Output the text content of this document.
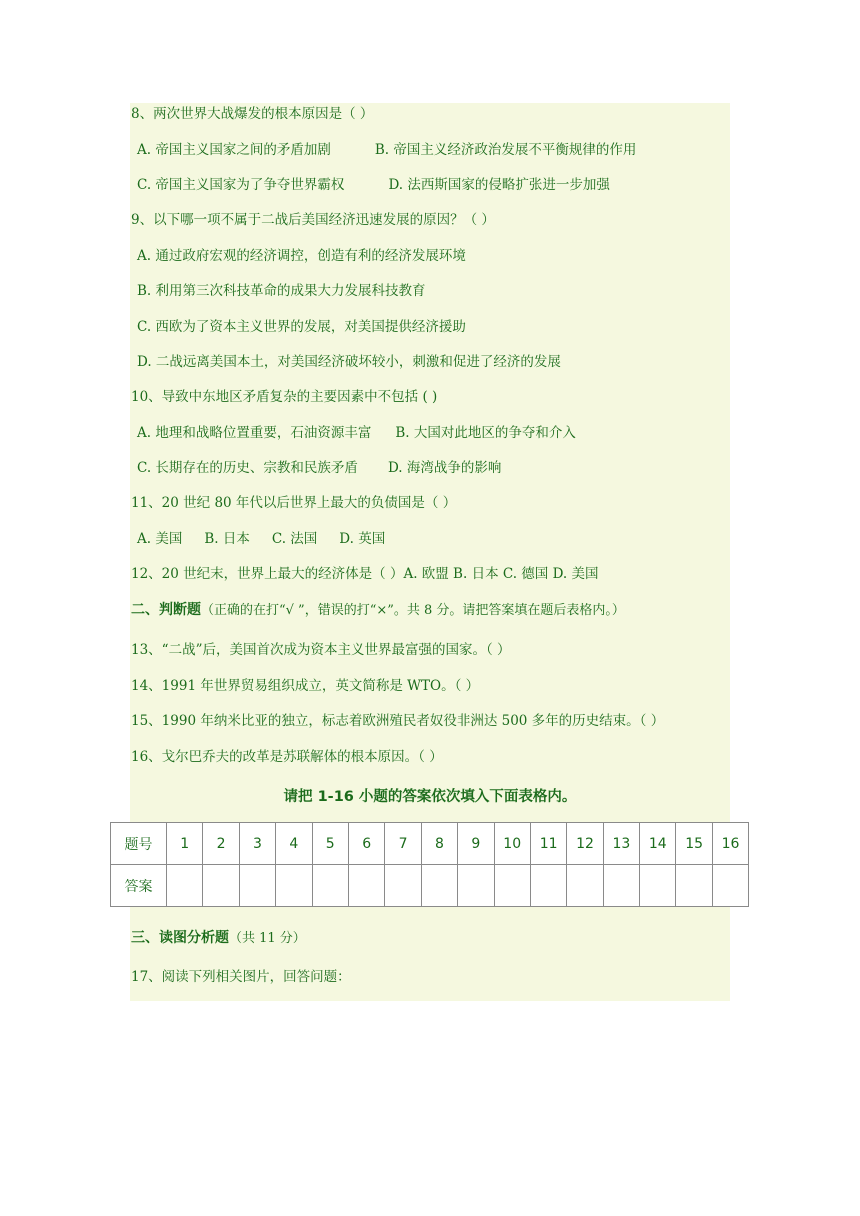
8、两次世界大战爆发的根本原因是（ ）
A. 帝国主义国家之间的矛盾加剧	B. 帝国主义经济政治发展不平衡规律的作用
C. 帝国主义国家为了争夺世界霸权	D. 法西斯国家的侵略扩张进一步加强
9、以下哪一项不属于二战后美国经济迅速发展的原因？（ ）
A. 通过政府宏观的经济调控，创造有利的经济发展环境
B. 利用第三次科技革命的成果大力发展科技教育
C. 西欧为了资本主义世界的发展，对美国提供经济援助
D. 二战远离美国本土，对美国经济破坏较小，刺激和促进了经济的发展
10、导致中东地区矛盾复杂的主要因素中不包括 ( )
A. 地理和战略位置重要，石油资源丰富 B. 大国对此地区的争夺和介入
C. 长期存在的历史、宗教和民族矛盾 D. 海湾战争的影响
11、20 世纪 80 年代以后世界上最大的负债国是（ ）
A. 美国 B. 日本 C. 法国 D. 英国
12、20 世纪末，世界上最大的经济体是（ ）A. 欧盟 B. 日本 C. 德国 D. 美国
二、判断题（正确的在打“√ ”，错误的打“×”。共 8 分。请把答案填在题后表格内。）
13、“二战”后，美国首次成为资本主义世界最富强的国家。（ ）
14、1991 年世界贸易组织成立，英文简称是 WTO。（ ）
15、1990 年纳米比亚的独立，标志着欧洲殖民者奴役非洲达 500 多年的历史结束。（ ）
16、戈尔巴乔夫的改革是苏联解体的根本原因。（ ）
请把 1-16 小题的答案依次填入下面表格内。
题号	1	2	3	4	5	6	7	8	9	10	11	12	13	14	15	16
答案																
三、读图分析题（共 11 分）
17、阅读下列相关图片，回答问题：
